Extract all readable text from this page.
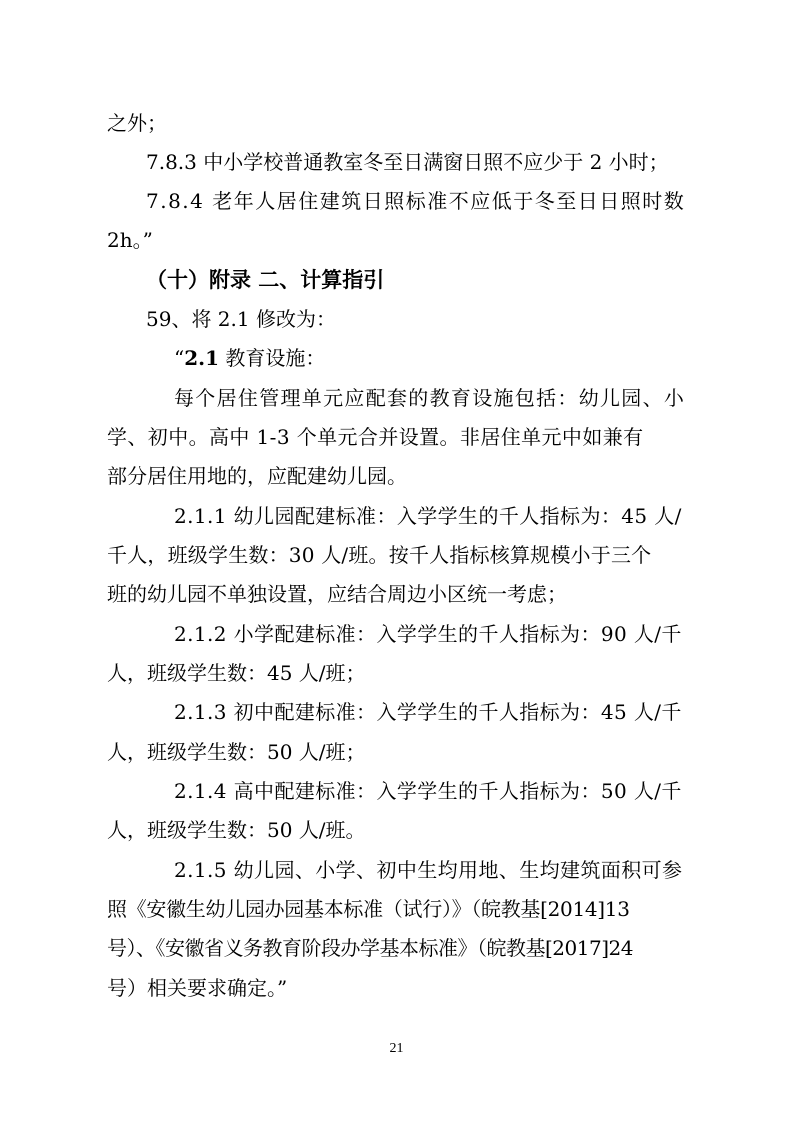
之外；
7.8.3 中小学校普通教室冬至日满窗日照不应少于 2 小时；
7.8.4 老年人居住建筑日照标准不应低于冬至日日照时数
2h。”
（十）附录 二、计算指引
59、将 2.1 修改为：
“2.1 教育设施：
每个居住管理单元应配套的教育设施包括：幼儿园、小
学、初中。高中 1-3 个单元合并设置。非居住单元中如兼有
部分居住用地的，应配建幼儿园。
2.1.1 幼儿园配建标准：入学学生的千人指标为：45 人/
千人，班级学生数：30 人/班。按千人指标核算规模小于三个
班的幼儿园不单独设置，应结合周边小区统一考虑；
2.1.2 小学配建标准：入学学生的千人指标为：90 人/千
人，班级学生数：45 人/班；
2.1.3 初中配建标准：入学学生的千人指标为：45 人/千
人，班级学生数：50 人/班；
2.1.4 高中配建标准：入学学生的千人指标为：50 人/千
人，班级学生数：50 人/班。
2.1.5 幼儿园、小学、初中生均用地、生均建筑面积可参
照《安徽生幼儿园办园基本标准（试行）》（皖教基[2014]13
号）、《安徽省义务教育阶段办学基本标准》（皖教基[2017]24
号）相关要求确定。”
21
